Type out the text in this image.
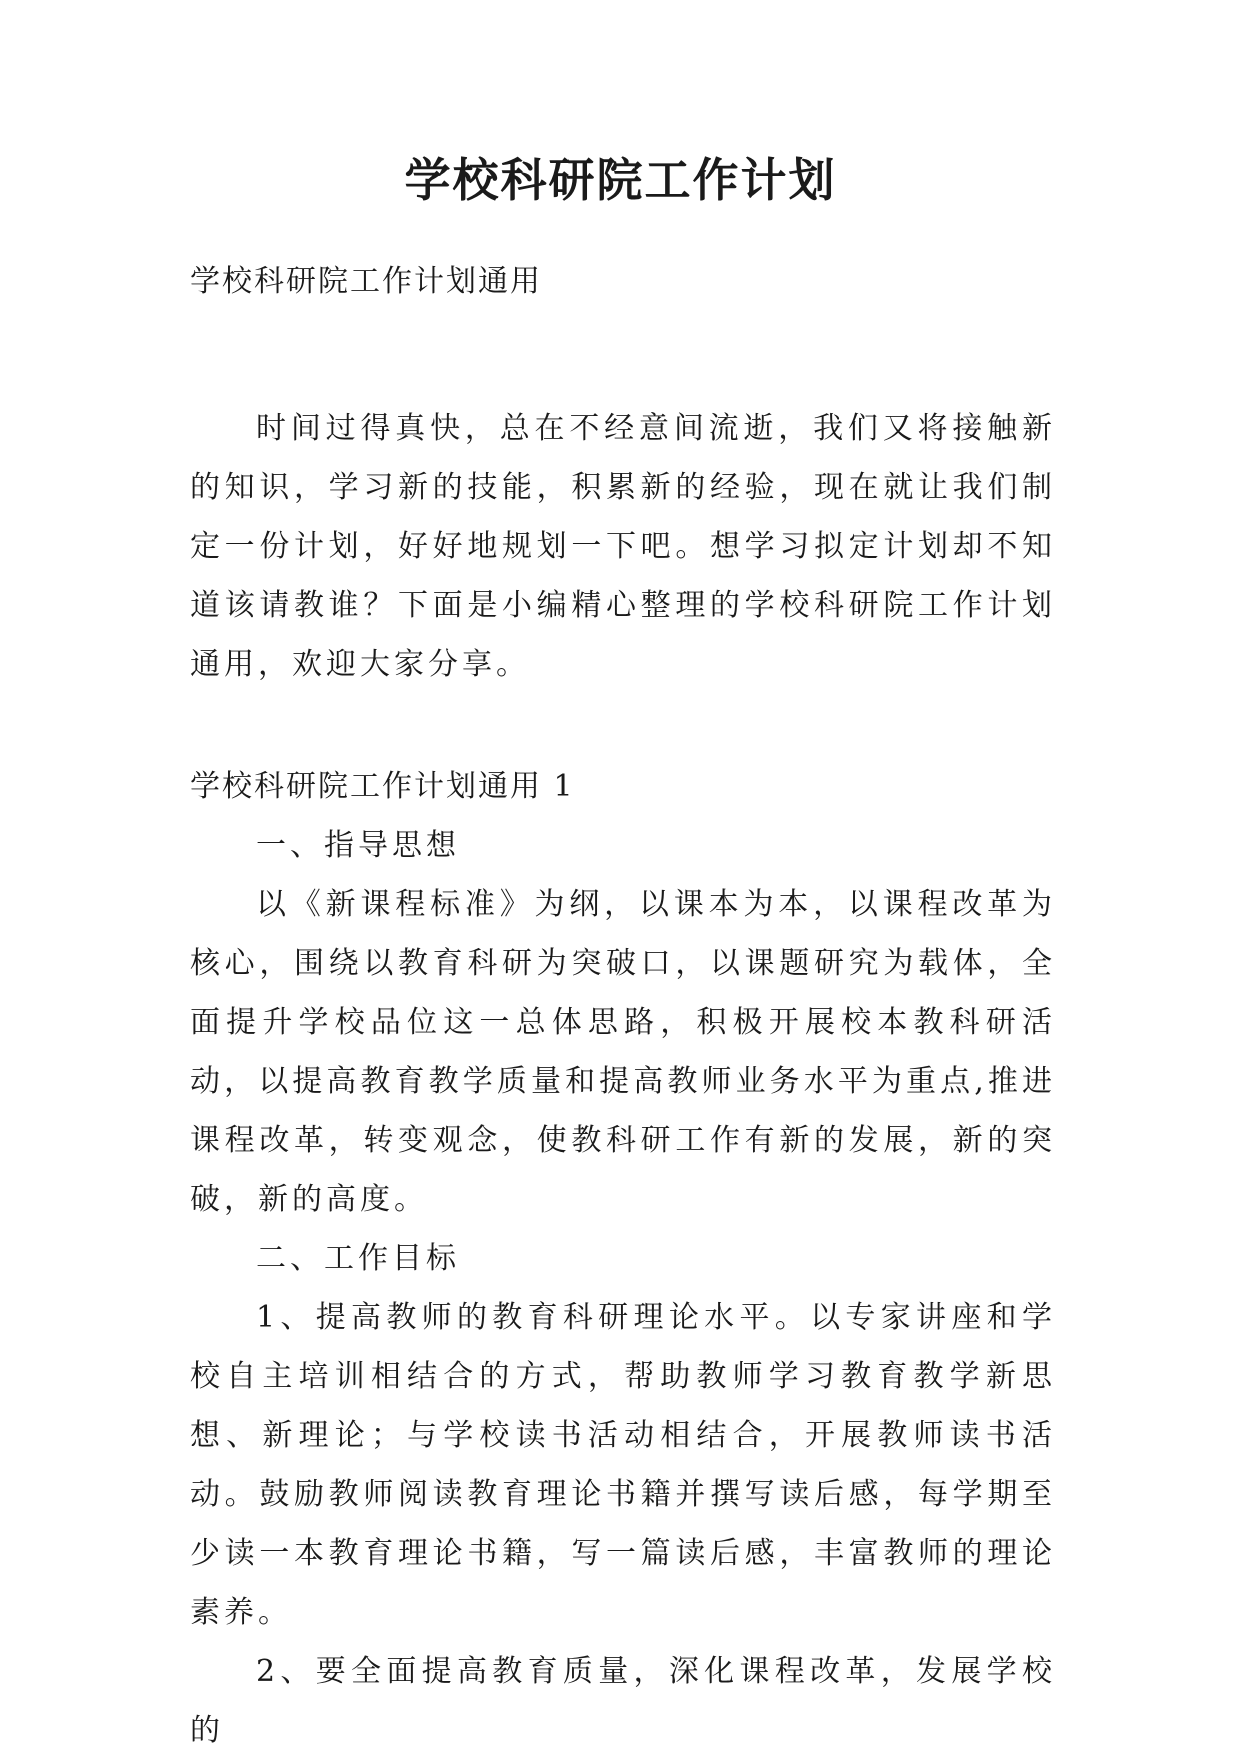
学校科研院工作计划

学校科研院工作计划通用

时间过得真快，总在不经意间流逝，我们又将接触新的知识，学习新的技能，积累新的经验，现在就让我们制定一份计划，好好地规划一下吧。想学习拟定计划却不知道该请教谁？下面是小编精心整理的学校科研院工作计划通用，欢迎大家分享。

学校科研院工作计划通用 1

一、指导思想

以《新课程标准》为纲，以课本为本，以课程改革为核心，围绕以教育科研为突破口，以课题研究为载体，全面提升学校品位这一总体思路，积极开展校本教科研活动，以提高教育教学质量和提高教师业务水平为重点,推进课程改革，转变观念，使教科研工作有新的发展，新的突破，新的高度。

二、工作目标

1、提高教师的教育科研理论水平。以专家讲座和学校自主培训相结合的方式，帮助教师学习教育教学新思想、新理论；与学校读书活动相结合，开展教师读书活动。鼓励教师阅读教育理论书籍并撰写读后感，每学期至少读一本教育理论书籍，写一篇读后感，丰富教师的理论素养。

2、要全面提高教育质量，深化课程改革，发展学校的
